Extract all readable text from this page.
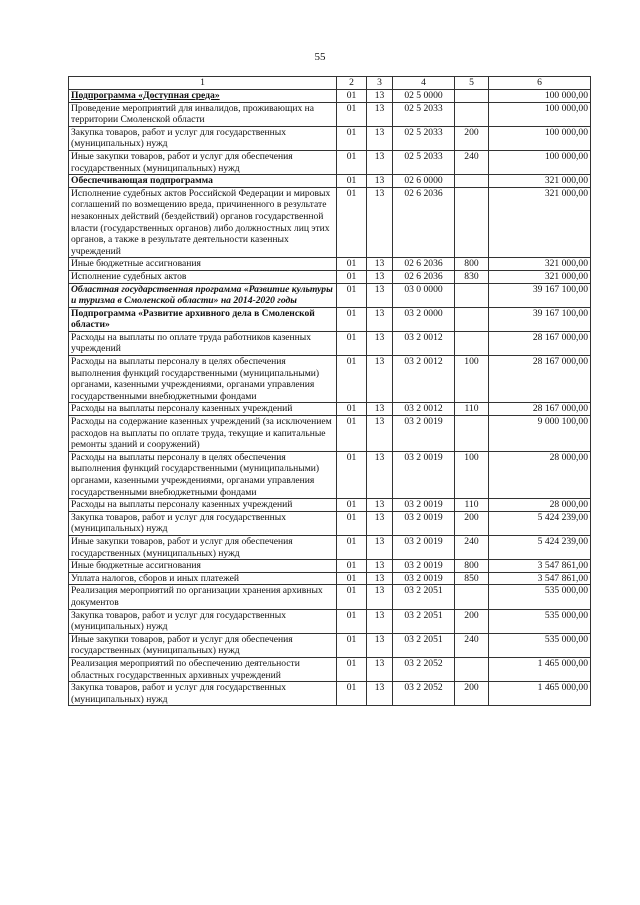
55
1	2	3	4	5	6
Подпрограмма «Доступная среда»	01	13	02 5 0000		100 000,00
Проведение мероприятий для инвалидов, проживающих на территории Смоленской области	01	13	02 5 2033		100 000,00
Закупка товаров, работ и услуг для государственных (муниципальных) нужд	01	13	02 5 2033	200	100 000,00
Иные закупки товаров, работ и услуг для обеспечения государственных (муниципальных) нужд	01	13	02 5 2033	240	100 000,00
Обеспечивающая подпрограмма	01	13	02 6 0000		321 000,00
Исполнение судебных актов Российской Федерации и мировых соглашений по возмещению вреда, причиненного в результате незаконных действий (бездействий) органов государственной власти (государственных органов) либо должностных лиц этих органов, а также в результате деятельности казенных учреждений	01	13	02 6 2036		321 000,00
Иные бюджетные ассигнования	01	13	02 6 2036	800	321 000,00
Исполнение судебных актов	01	13	02 6 2036	830	321 000,00
Областная государственная программа «Развитие культуры и туризма в Смоленской области» на 2014-2020 годы	01	13	03 0 0000		39 167 100,00
Подпрограмма «Развитие архивного дела в Смоленской области»	01	13	03 2 0000		39 167 100,00
Расходы на выплаты по оплате труда работников казенных учреждений	01	13	03 2 0012		28 167 000,00
Расходы на выплаты персоналу в целях обеспечения выполнения функций государственными (муниципальными) органами, казенными учреждениями, органами управления государственными внебюджетными фондами	01	13	03 2 0012	100	28 167 000,00
Расходы на выплаты персоналу казенных учреждений	01	13	03 2 0012	110	28 167 000,00
Расходы на содержание казенных учреждений (за исключением расходов на выплаты по оплате труда, текущие и капитальные ремонты зданий и сооружений)	01	13	03 2 0019		9 000 100,00
Расходы на выплаты персоналу в целях обеспечения выполнения функций государственными (муниципальными) органами, казенными учреждениями, органами управления государственными внебюджетными фондами	01	13	03 2 0019	100	28 000,00
Расходы на выплаты персоналу казенных учреждений	01	13	03 2 0019	110	28 000,00
Закупка товаров, работ и услуг для государственных (муниципальных) нужд	01	13	03 2 0019	200	5 424 239,00
Иные закупки товаров, работ и услуг для обеспечения государственных (муниципальных) нужд	01	13	03 2 0019	240	5 424 239,00
Иные бюджетные ассигнования	01	13	03 2 0019	800	3 547 861,00
Уплата налогов, сборов и иных платежей	01	13	03 2 0019	850	3 547 861,00
Реализация мероприятий по организации хранения архивных документов	01	13	03 2 2051		535 000,00
Закупка товаров, работ и услуг для государственных (муниципальных) нужд	01	13	03 2 2051	200	535 000,00
Иные закупки товаров, работ и услуг для обеспечения государственных (муниципальных) нужд	01	13	03 2 2051	240	535 000,00
Реализация мероприятий по обеспечению деятельности областных государственных архивных учреждений	01	13	03 2 2052		1 465 000,00
Закупка товаров, работ и услуг для государственных (муниципальных) нужд	01	13	03 2 2052	200	1 465 000,00
